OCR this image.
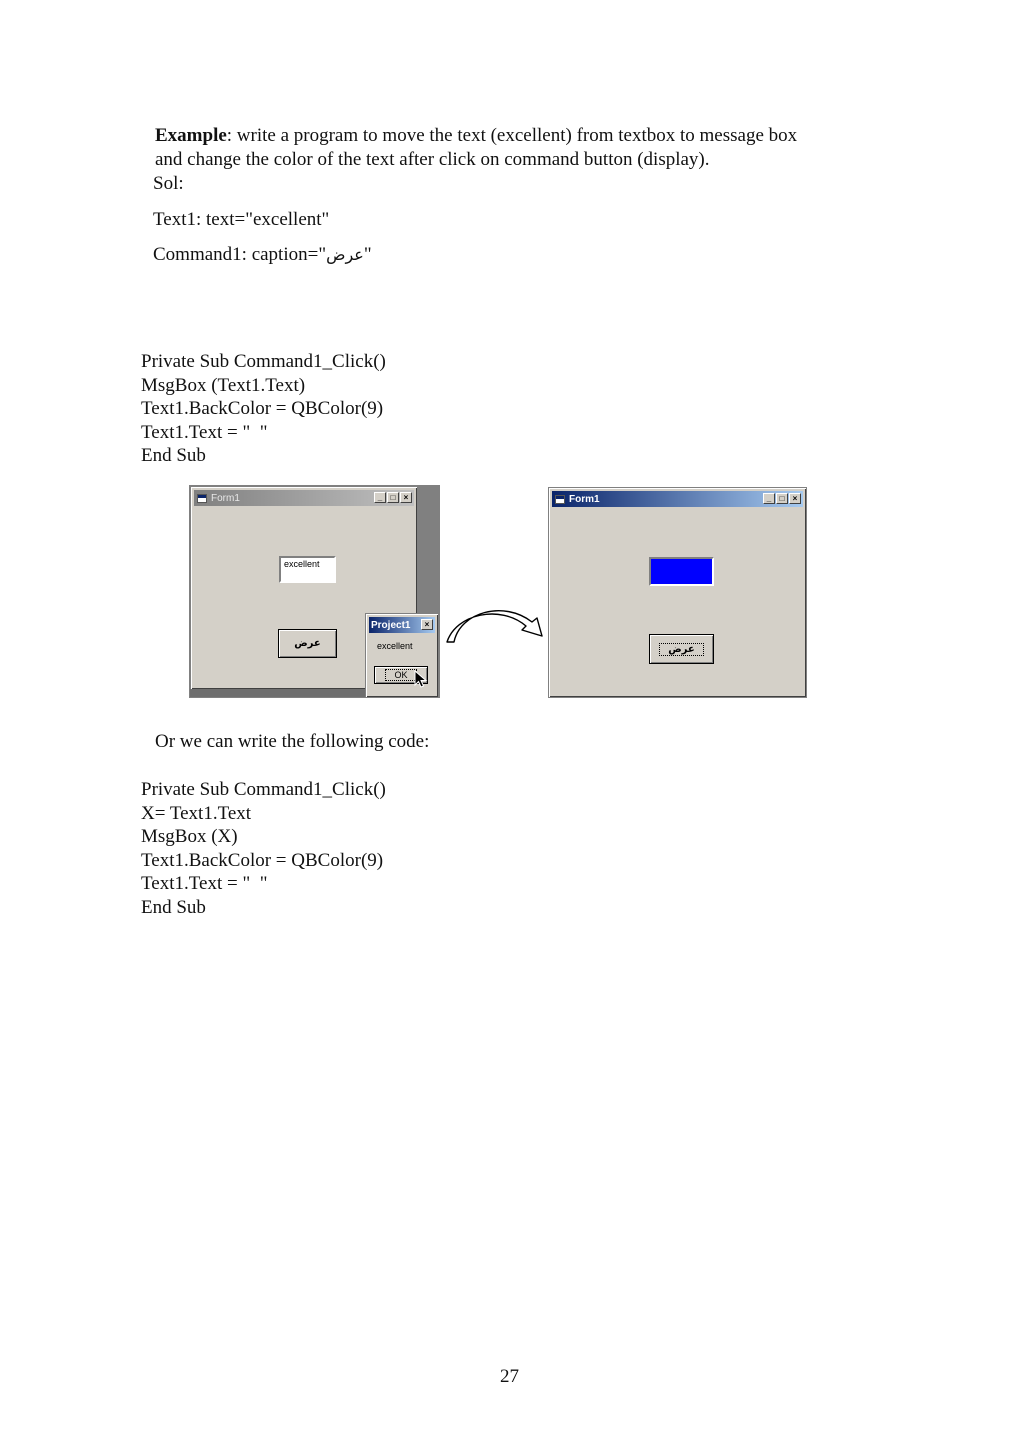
Example: write a program to move the text (excellent) from textbox to message box
and change the color of the text after click on command button (display).
Sol:
Text1: text="excellent"
Command1: caption="عرض"
Private Sub Command1_Click()
MsgBox (Text1.Text)
Text1.BackColor = QBColor(9)
Text1.Text = "  "
End Sub
Form1	_	□	×
excellent
عرض
Project1	×
excellent
OK
Form1	_	□	×
عرض
Or we can write the following code:
Private Sub Command1_Click()
X= Text1.Text
MsgBox (X)
Text1.BackColor = QBColor(9)
Text1.Text = "  "
End Sub
27
